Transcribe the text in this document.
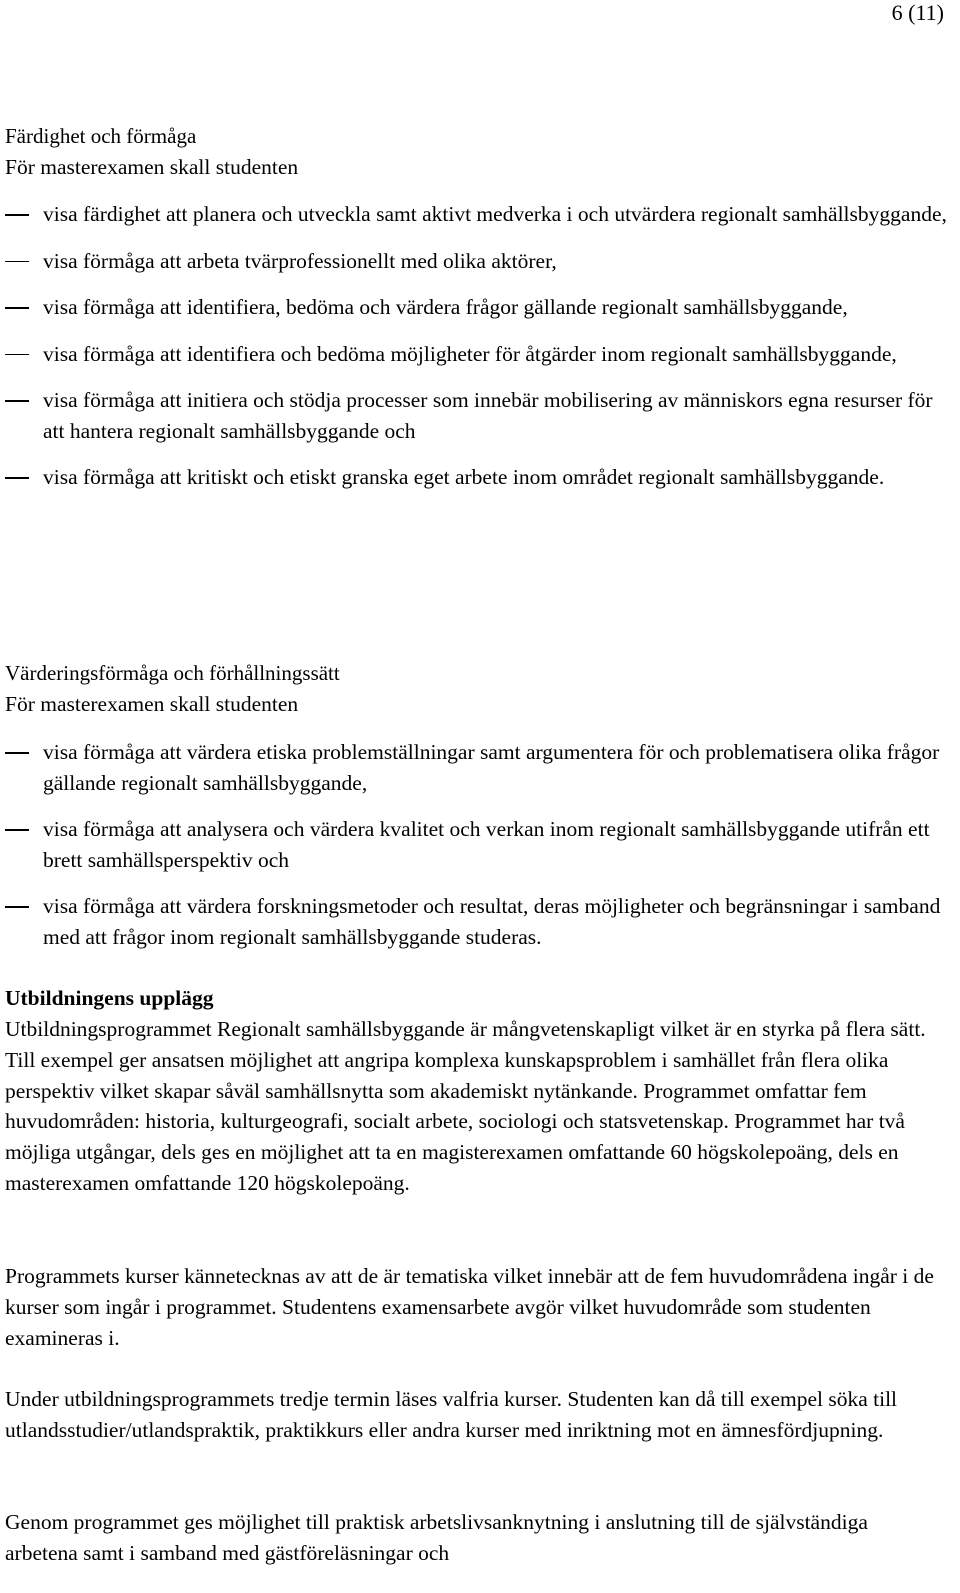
6 (11)

Färdighet och förmåga

För masterexamen skall studenten

visa färdighet att planera och utveckla samt aktivt medverka i och utvärdera regionalt samhällsbyggande,
visa förmåga att arbeta tvärprofessionellt med olika aktörer,
visa förmåga att identifiera, bedöma och värdera frågor gällande regionalt samhällsbyggande,
visa förmåga att identifiera och bedöma möjligheter för åtgärder inom regionalt samhällsbyggande,
visa förmåga att initiera och stödja processer som innebär mobilisering av människors egna resurser för att hantera regionalt samhällsbyggande och
visa förmåga att kritiskt och etiskt granska eget arbete inom området regionalt samhällsbyggande.

Värderingsförmåga och förhållningssätt

För masterexamen skall studenten

visa förmåga att värdera etiska problemställningar samt argumentera för och problematisera olika frågor gällande regionalt samhällsbyggande,
visa förmåga att analysera och värdera kvalitet och verkan inom regionalt samhällsbyggande utifrån ett brett samhällsperspektiv och
visa förmåga att värdera forskningsmetoder och resultat, deras möjligheter och begränsningar i samband med att frågor inom regionalt samhällsbyggande studeras.

Utbildningens upplägg

Utbildningsprogrammet Regionalt samhällsbyggande är mångvetenskapligt vilket är en styrka på flera sätt. Till exempel ger ansatsen möjlighet att angripa komplexa kunskapsproblem i samhället från flera olika perspektiv vilket skapar såväl samhällsnytta som akademiskt nytänkande. Programmet omfattar fem huvudområden: historia, kulturgeografi, socialt arbete, sociologi och statsvetenskap. Programmet har två möjliga utgångar, dels ges en möjlighet att ta en magisterexamen omfattande 60 högskolepoäng, dels en masterexamen omfattande 120 högskolepoäng.

Programmets kurser kännetecknas av att de är tematiska vilket innebär att de fem huvudområdena ingår i de kurser som ingår i programmet. Studentens examensarbete avgör vilket huvudområde som studenten examineras i.

Under utbildningsprogrammets tredje termin läses valfria kurser. Studenten kan då till exempel söka till utlandsstudier/utlandspraktik, praktikkurs eller andra kurser med inriktning mot en ämnesfördjupning.

Genom programmet ges möjlighet till praktisk arbetslivsanknytning i anslutning till de självständiga arbetena samt i samband med gästföreläsningar och
